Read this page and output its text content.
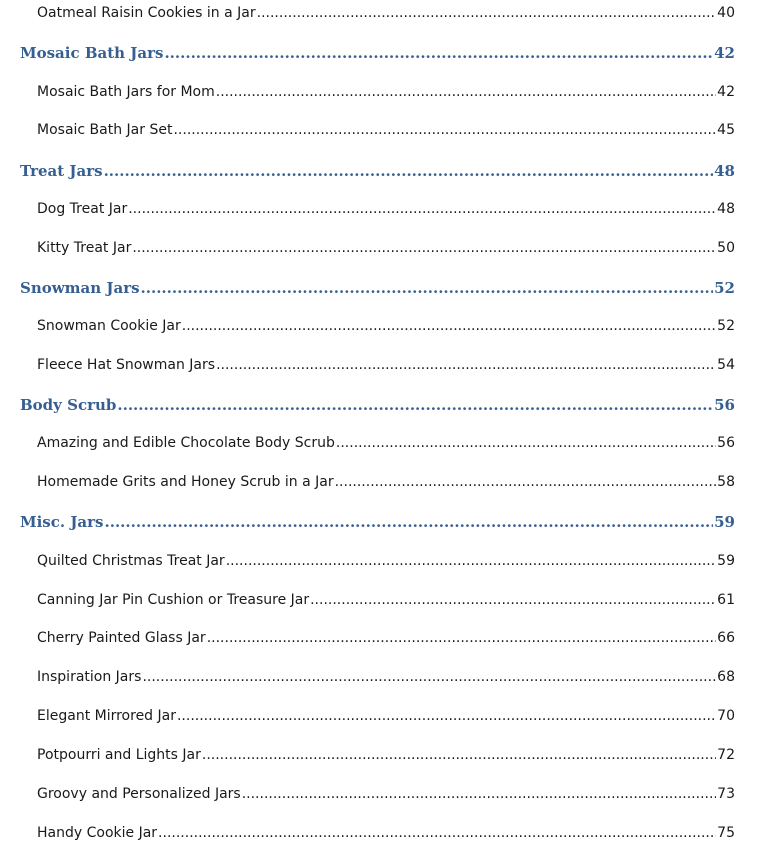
Oatmeal Raisin Cookies in a Jar .....	40
Mosaic Bath Jars .....	42
Mosaic Bath Jars for Mom .....	42
Mosaic Bath Jar Set .....	45
Treat Jars .....	48
Dog Treat Jar .....	48
Kitty Treat Jar .....	50
Snowman Jars .....	52
Snowman Cookie Jar .....	52
Fleece Hat Snowman Jars .....	54
Body Scrub .....	56
Amazing and Edible Chocolate Body Scrub .....	56
Homemade Grits and Honey Scrub in a Jar .....	58
Misc. Jars .....	59
Quilted Christmas Treat Jar .....	59
Canning Jar Pin Cushion or Treasure Jar .....	61
Cherry Painted Glass Jar .....	66
Inspiration Jars .....	68
Elegant Mirrored Jar .....	70
Potpourri and Lights Jar .....	72
Groovy and Personalized Jars .....	73
Handy Cookie Jar .....	75
